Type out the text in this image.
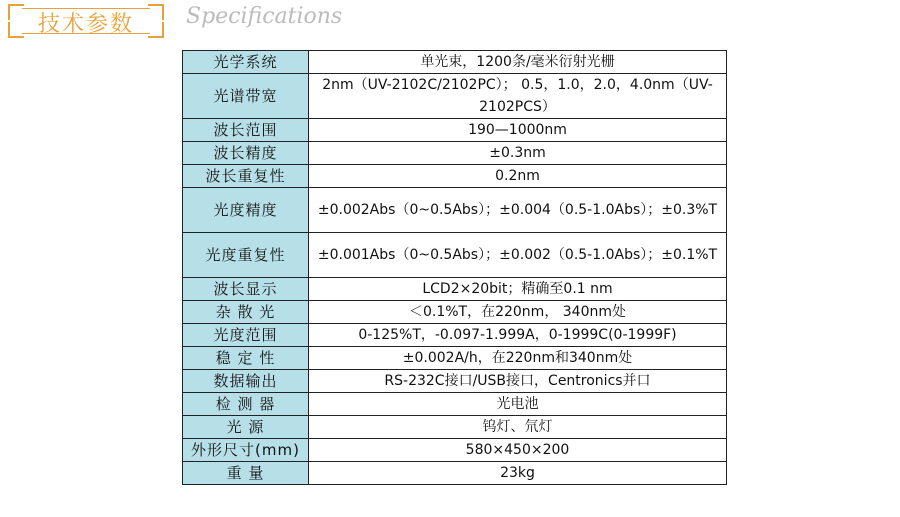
技术参数	Specifications
光学系统	单光束，1200条/毫米衍射光栅
光谱带宽	2nm（UV-2102C/2102PC）； 0.5，1.0，2.0，4.0nm（UV-2102PCS）
波长范围	190—1000nm
波长精度	±0.3nm
波长重复性	0.2nm
光度精度	±0.002Abs（0~0.5Abs）；±0.004（0.5-1.0Abs）；±0.3%T
光度重复性	±0.001Abs（0~0.5Abs）；±0.002（0.5-1.0Abs）；±0.1%T
波长显示	LCD2×20bit；精确至0.1 nm
杂 散 光	＜0.1%T，在220nm， 340nm处
光度范围	0-125%T，-0.097-1.999A，0-1999C(0-1999F)
稳 定 性	±0.002A/h，在220nm和340nm处
数据输出	RS-232C接口/USB接口，Centronics并口
检 测 器	光电池
光 源	钨灯、氘灯
外形尺寸(mm)	580×450×200
重 量	23kg
